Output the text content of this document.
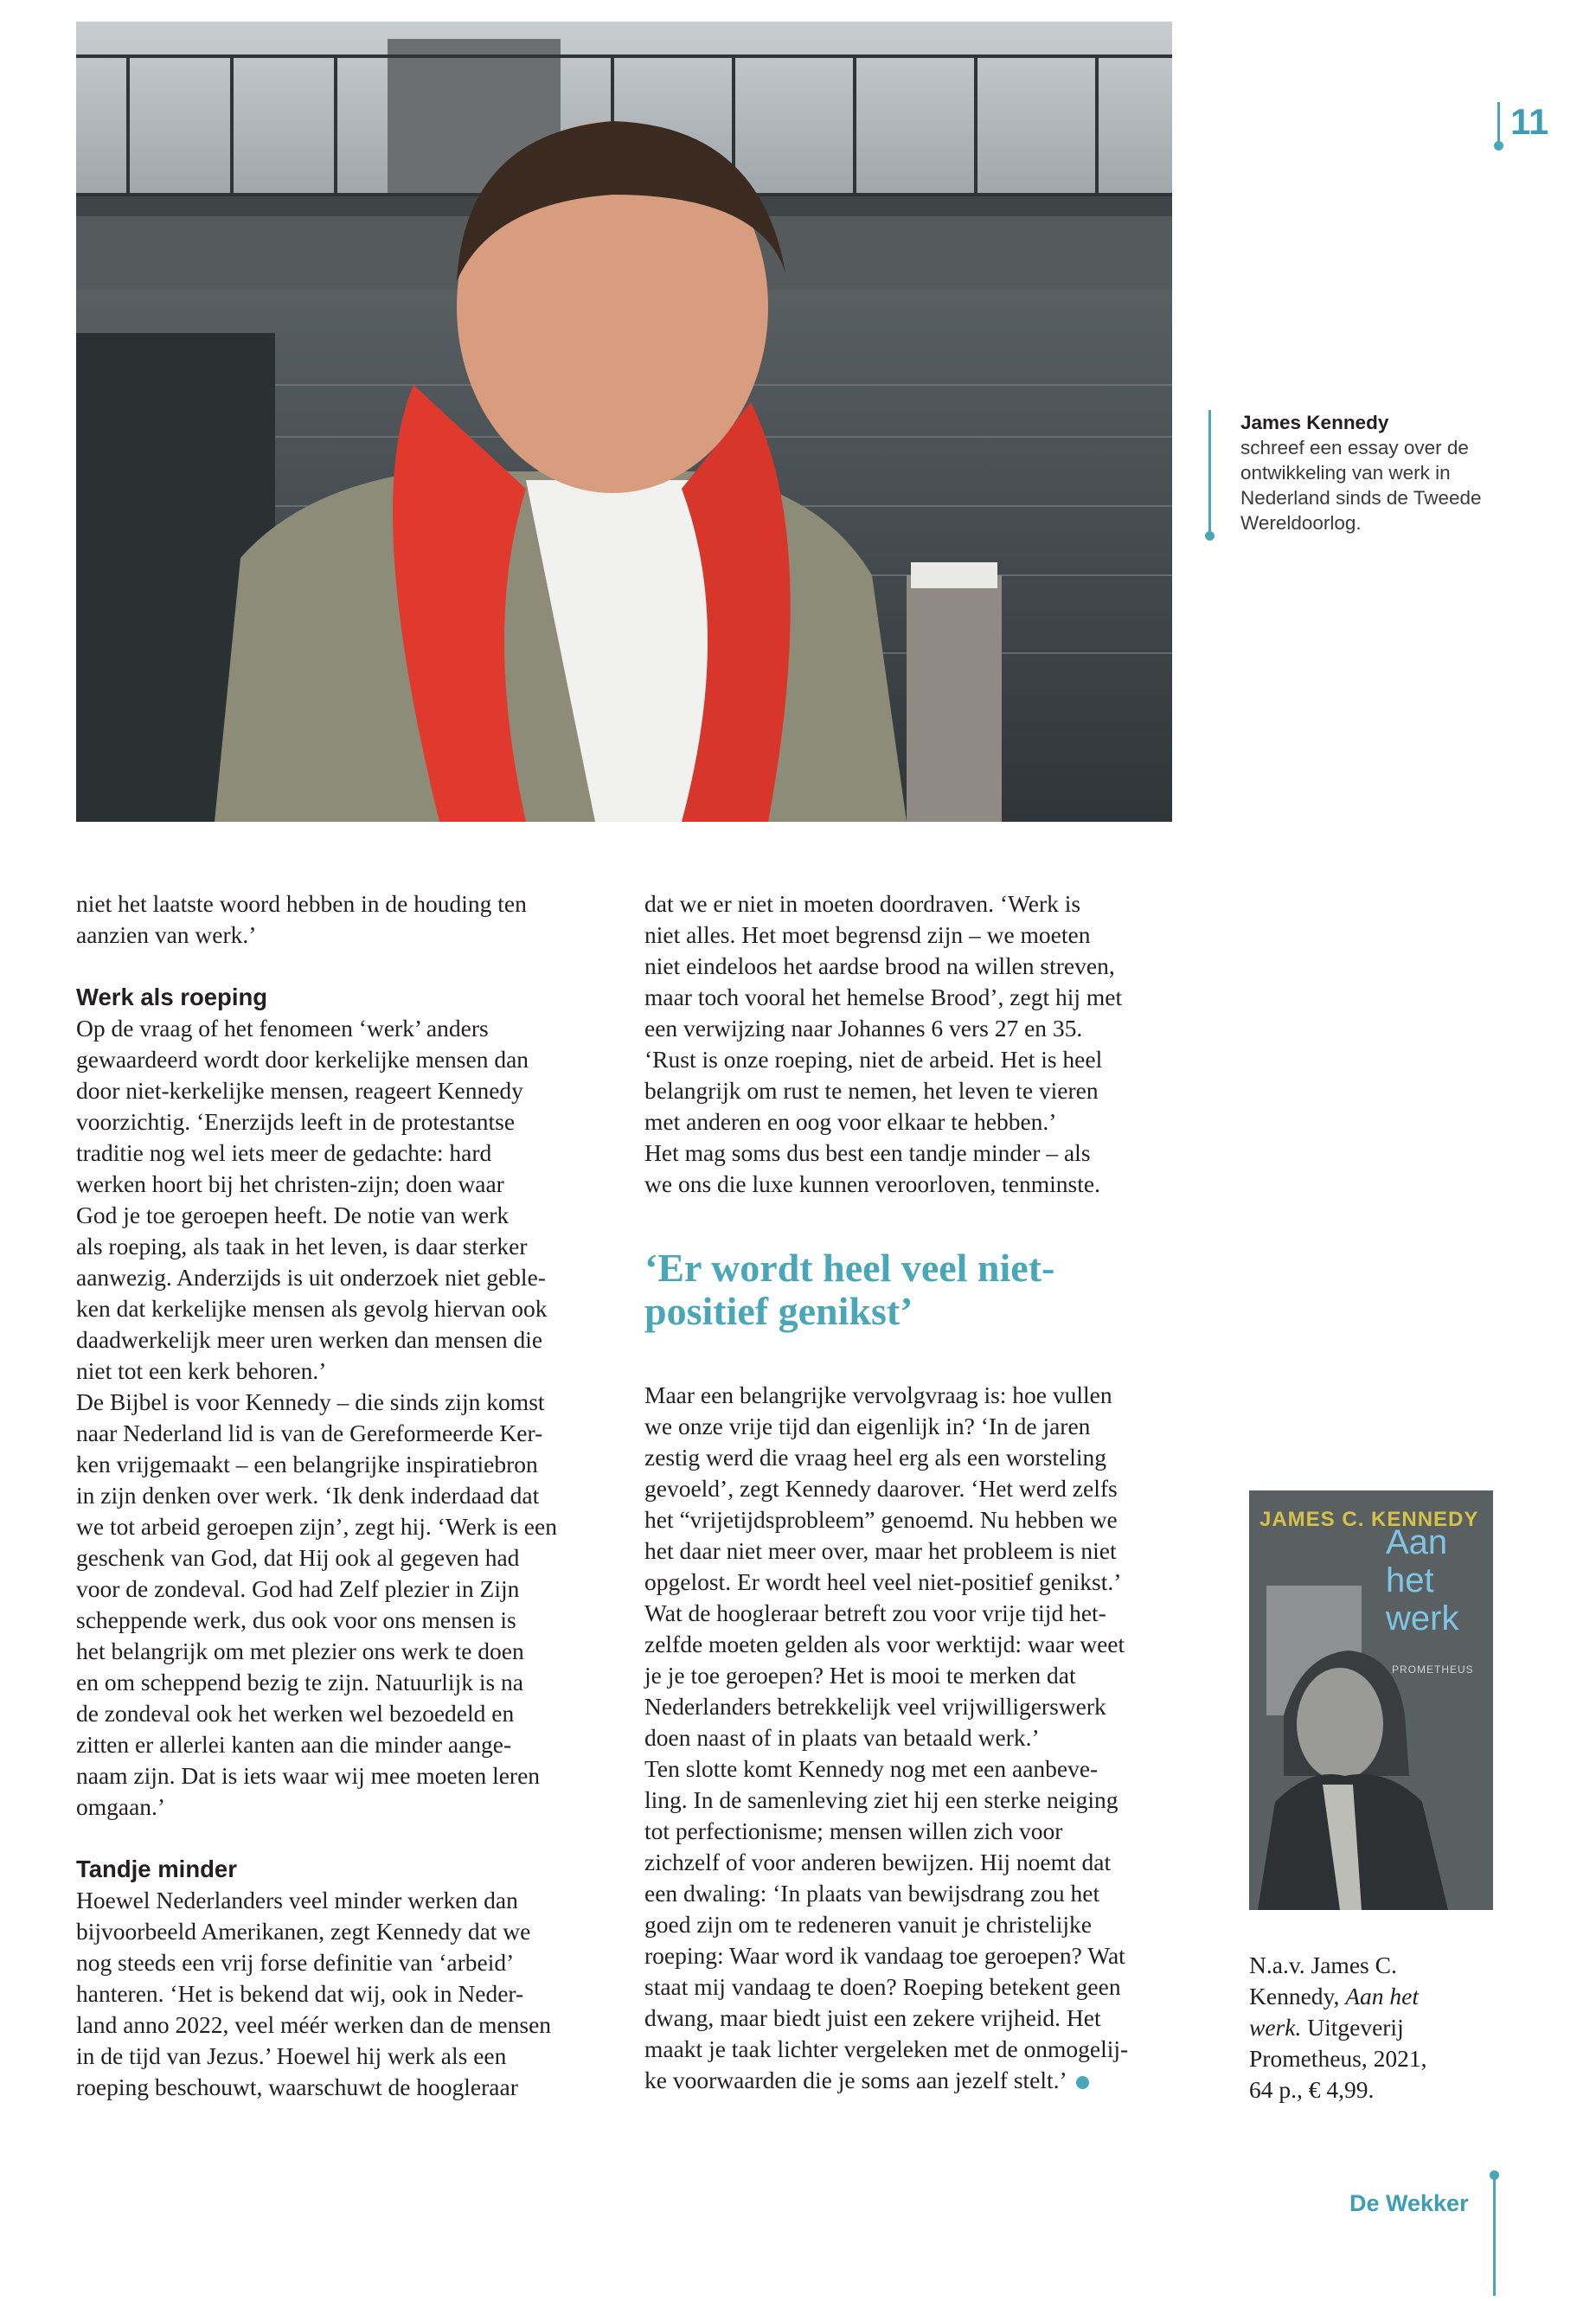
11
James Kennedy
schreef een essay over de ontwikkeling van werk in Nederland sinds de Tweede Wereldoorlog.

niet het laatste woord hebben in de houding ten
aanzien van werk.’

Werk als roeping

Op de vraag of het fenomeen ‘werk’ anders
gewaardeerd wordt door kerkelijke mensen dan
door niet-kerkelijke mensen, reageert Kennedy
voorzichtig. ‘Enerzijds leeft in de protestantse
traditie nog wel iets meer de gedachte: hard
werken hoort bij het christen-zijn; doen waar
God je toe geroepen heeft. De notie van werk
als roeping, als taak in het leven, is daar sterker
aanwezig. Anderzijds is uit onderzoek niet geble-
ken dat kerkelijke mensen als gevolg hiervan ook
daadwerkelijk meer uren werken dan mensen die
niet tot een kerk behoren.’

De Bijbel is voor Kennedy – die sinds zijn komst
naar Nederland lid is van de Gereformeerde Ker-
ken vrijgemaakt – een belangrijke inspiratiebron
in zijn denken over werk. ‘Ik denk inderdaad dat
we tot arbeid geroepen zijn’, zegt hij. ‘Werk is een
geschenk van God, dat Hij ook al gegeven had
voor de zondeval. God had Zelf plezier in Zijn
scheppende werk, dus ook voor ons mensen is
het belangrijk om met plezier ons werk te doen
en om scheppend bezig te zijn. Natuurlijk is na
de zondeval ook het werken wel bezoedeld en
zitten er allerlei kanten aan die minder aange-
naam zijn. Dat is iets waar wij mee moeten leren
omgaan.’

Tandje minder

Hoewel Nederlanders veel minder werken dan
bijvoorbeeld Amerikanen, zegt Kennedy dat we
nog steeds een vrij forse definitie van ‘arbeid’
hanteren. ‘Het is bekend dat wij, ook in Neder-
land anno 2022, veel méér werken dan de mensen
in de tijd van Jezus.’ Hoewel hij werk als een
roeping beschouwt, waarschuwt de hoogleraar

dat we er niet in moeten doordraven. ‘Werk is
niet alles. Het moet begrensd zijn – we moeten
niet eindeloos het aardse brood na willen streven,
maar toch vooral het hemelse Brood’, zegt hij met
een verwijzing naar Johannes 6 vers 27 en 35.
‘Rust is onze roeping, niet de arbeid. Het is heel
belangrijk om rust te nemen, het leven te vieren
met anderen en oog voor elkaar te hebben.’

Het mag soms dus best een tandje minder – als
we ons die luxe kunnen veroorloven, tenminste.

‘Er wordt heel veel niet-
positief genikst’

Maar een belangrijke vervolgvraag is: hoe vullen
we onze vrije tijd dan eigenlijk in? ‘In de jaren
zestig werd die vraag heel erg als een worsteling
gevoeld’, zegt Kennedy daarover. ‘Het werd zelfs
het “vrijetijdsprobleem” genoemd. Nu hebben we
het daar niet meer over, maar het probleem is niet
opgelost. Er wordt heel veel niet-positief genikst.’
Wat de hoogleraar betreft zou voor vrije tijd het-
zelfde moeten gelden als voor werktijd: waar weet
je je toe geroepen? Het is mooi te merken dat
Nederlanders betrekkelijk veel vrijwilligerswerk
doen naast of in plaats van betaald werk.’

Ten slotte komt Kennedy nog met een aanbeve-
ling. In de samenleving ziet hij een sterke neiging
tot perfectionisme; mensen willen zich voor
zichzelf of voor anderen bewijzen. Hij noemt dat
een dwaling: ‘In plaats van bewijsdrang zou het
goed zijn om te redeneren vanuit je christelijke
roeping: Waar word ik vandaag toe geroepen? Wat
staat mij vandaag te doen? Roeping betekent geen
dwang, maar biedt juist een zekere vrijheid. Het
maakt je taak lichter vergeleken met de onmogelij-
ke voorwaarden die je soms aan jezelf stelt.’

JAMES C. KENNEDY
Aan
het
werk
PROMETHEUS
N.a.v. James C.
Kennedy, Aan het
werk. Uitgeverij
Prometheus, 2021,
64 p., € 4,99.
De Wekker
